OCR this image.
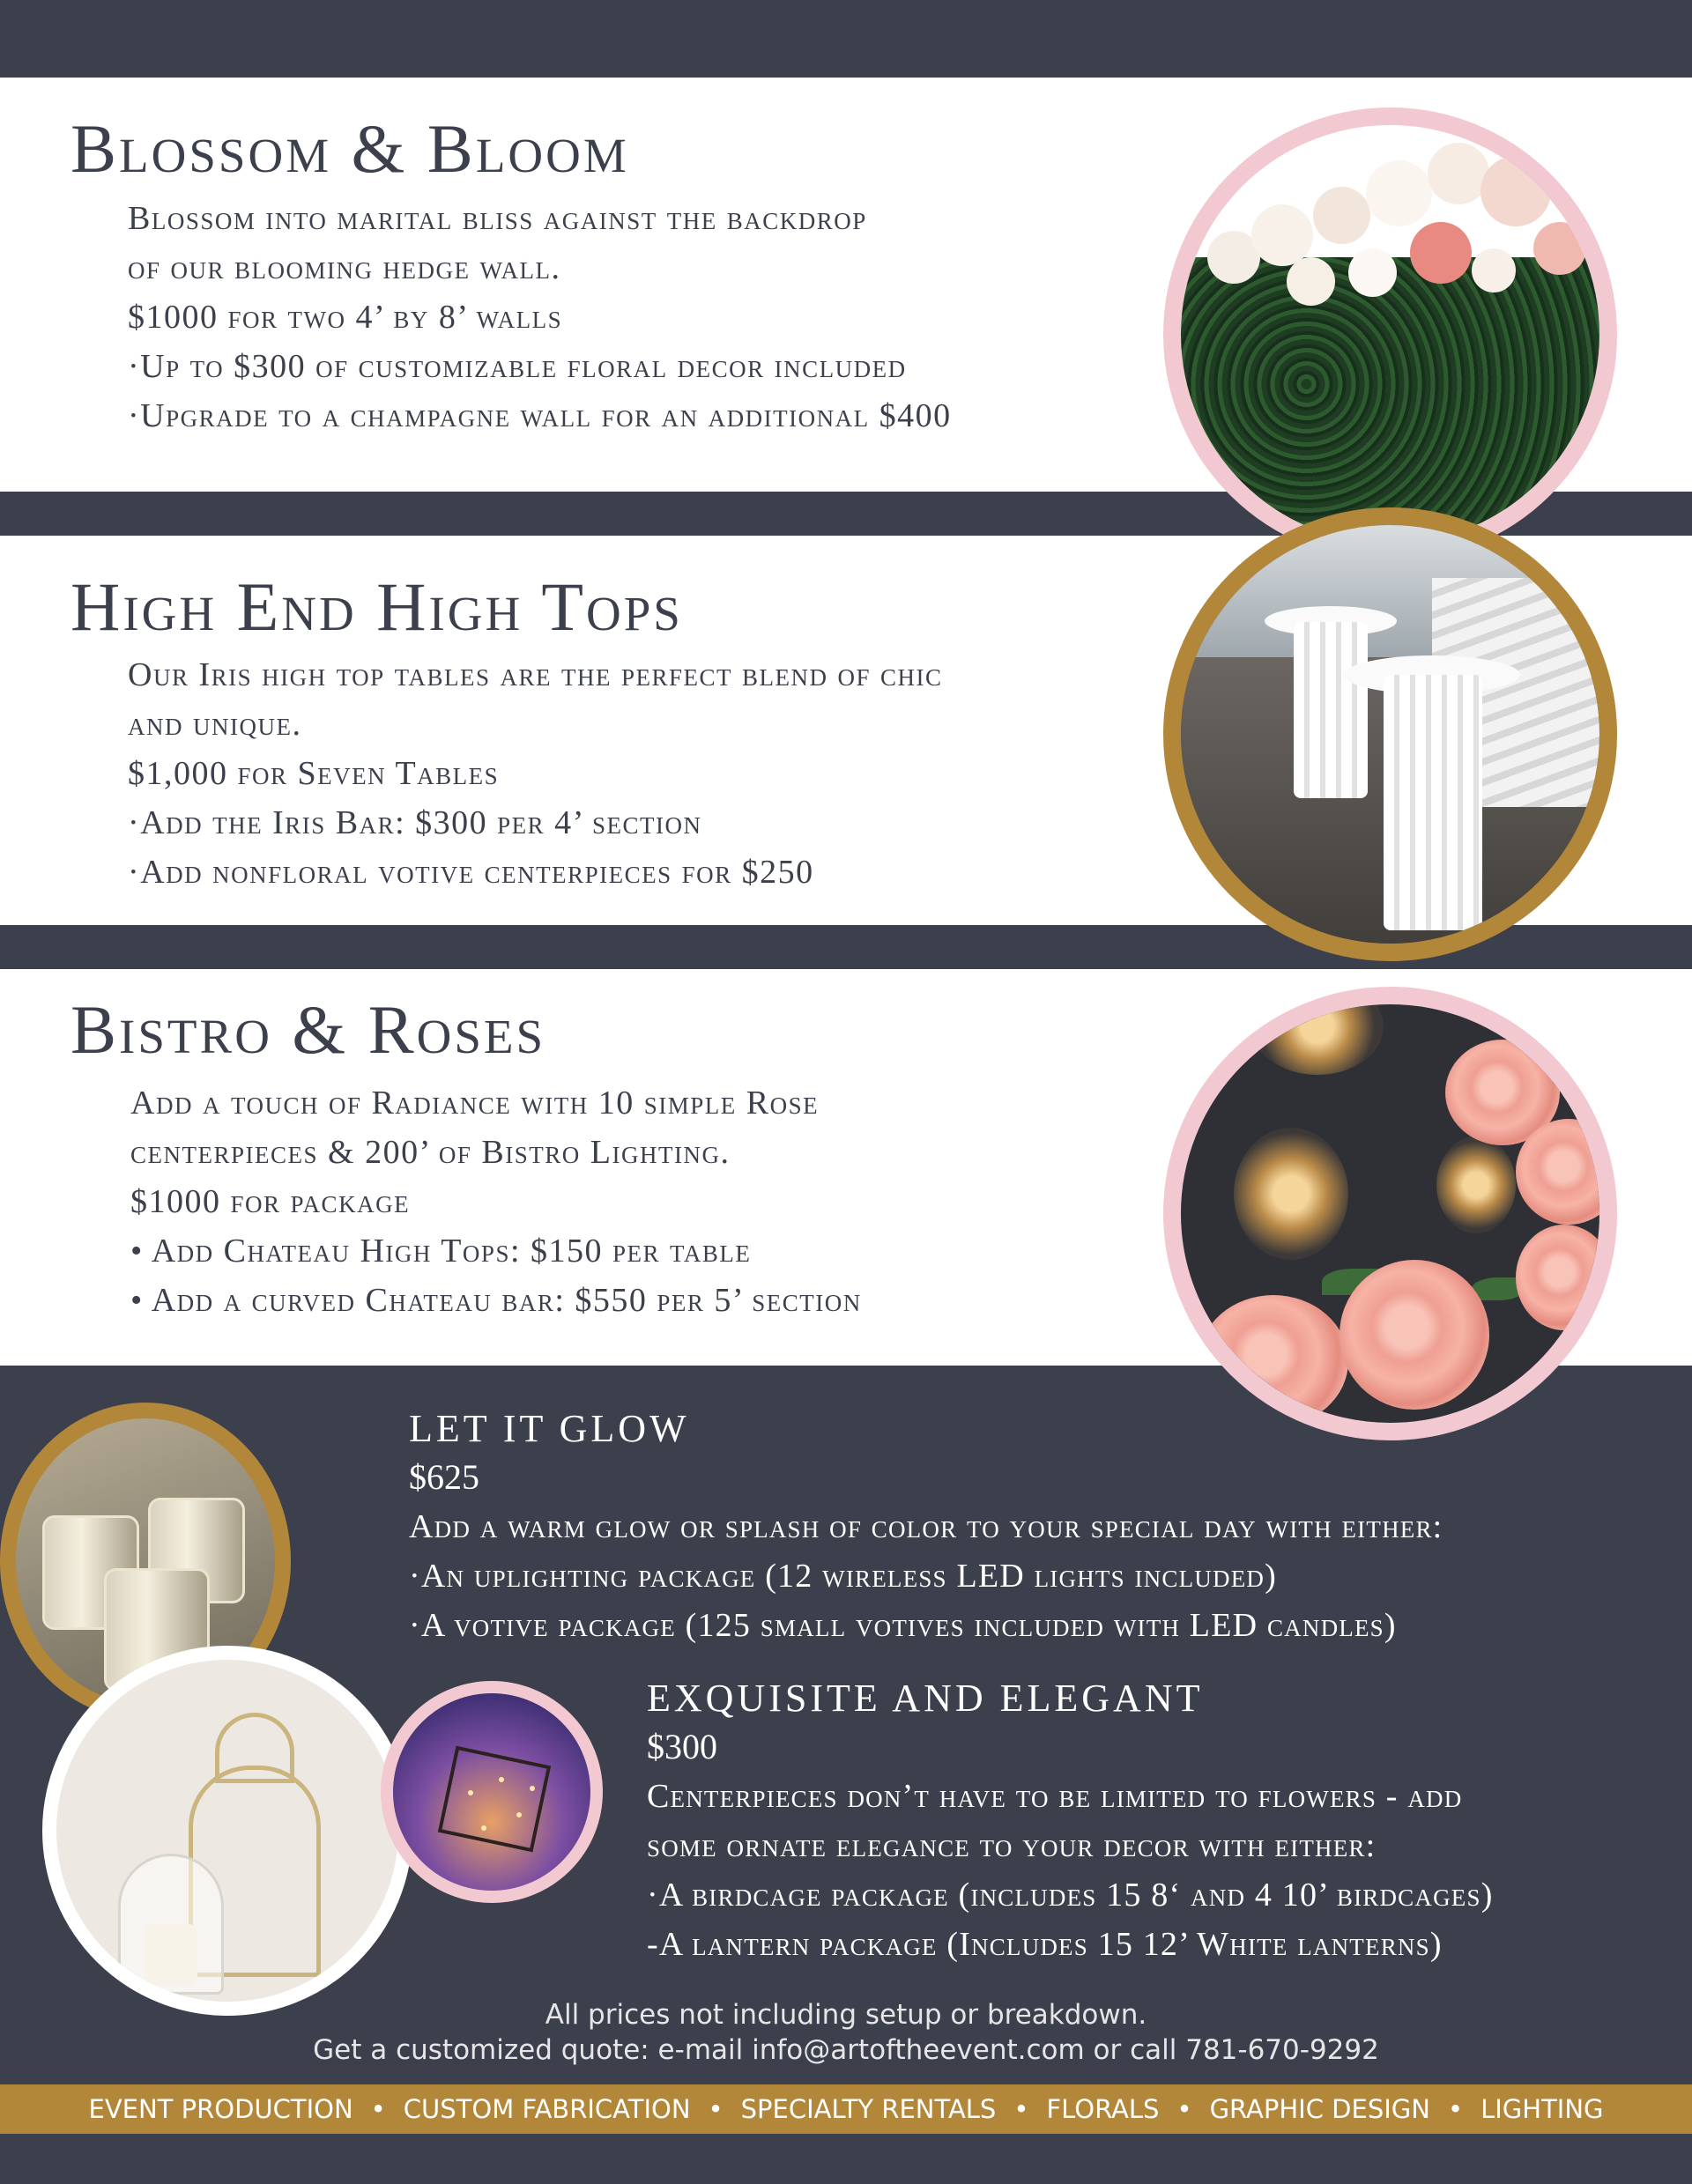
Blossom & Bloom
Blossom into marital bliss against the backdrop
of our blooming hedge wall.
$1000 for two 4’ by 8’ walls
·Up to $300 of customizable floral decor included
·Upgrade to a champagne wall for an additional $400
High End High Tops
Our Iris high top tables are the perfect blend of chic
and unique.
$1,000 for Seven Tables
·Add the Iris Bar: $300 per 4’ section
·Add nonfloral votive centerpieces for $250
Bistro & Roses
Add a touch of Radiance with 10 simple Rose
centerpieces & 200’ of Bistro Lighting.
$1000 for package
• Add Chateau High Tops: $150 per table
• Add a curved Chateau bar: $550 per 5’ section
LET IT GLOW
$625
Add a warm glow or splash of color to your special day with either:
·An uplighting package (12 wireless LED lights included)
·A votive package (125 small votives included with LED candles)
EXQUISITE AND ELEGANT
$300
Centerpieces don’t have to be limited to flowers - add
some ornate elegance to your decor with either:
·A birdcage package (includes 15 8‘ and 4 10’ birdcages)
-A lantern package (Includes 15 12’ White lanterns)
All prices not including setup or breakdown.
Get a customized quote: e-mail info@artoftheevent.com or call 781-670-9292
EVENT PRODUCTION • CUSTOM FABRICATION • SPECIALTY RENTALS • FLORALS • GRAPHIC DESIGN • LIGHTING
